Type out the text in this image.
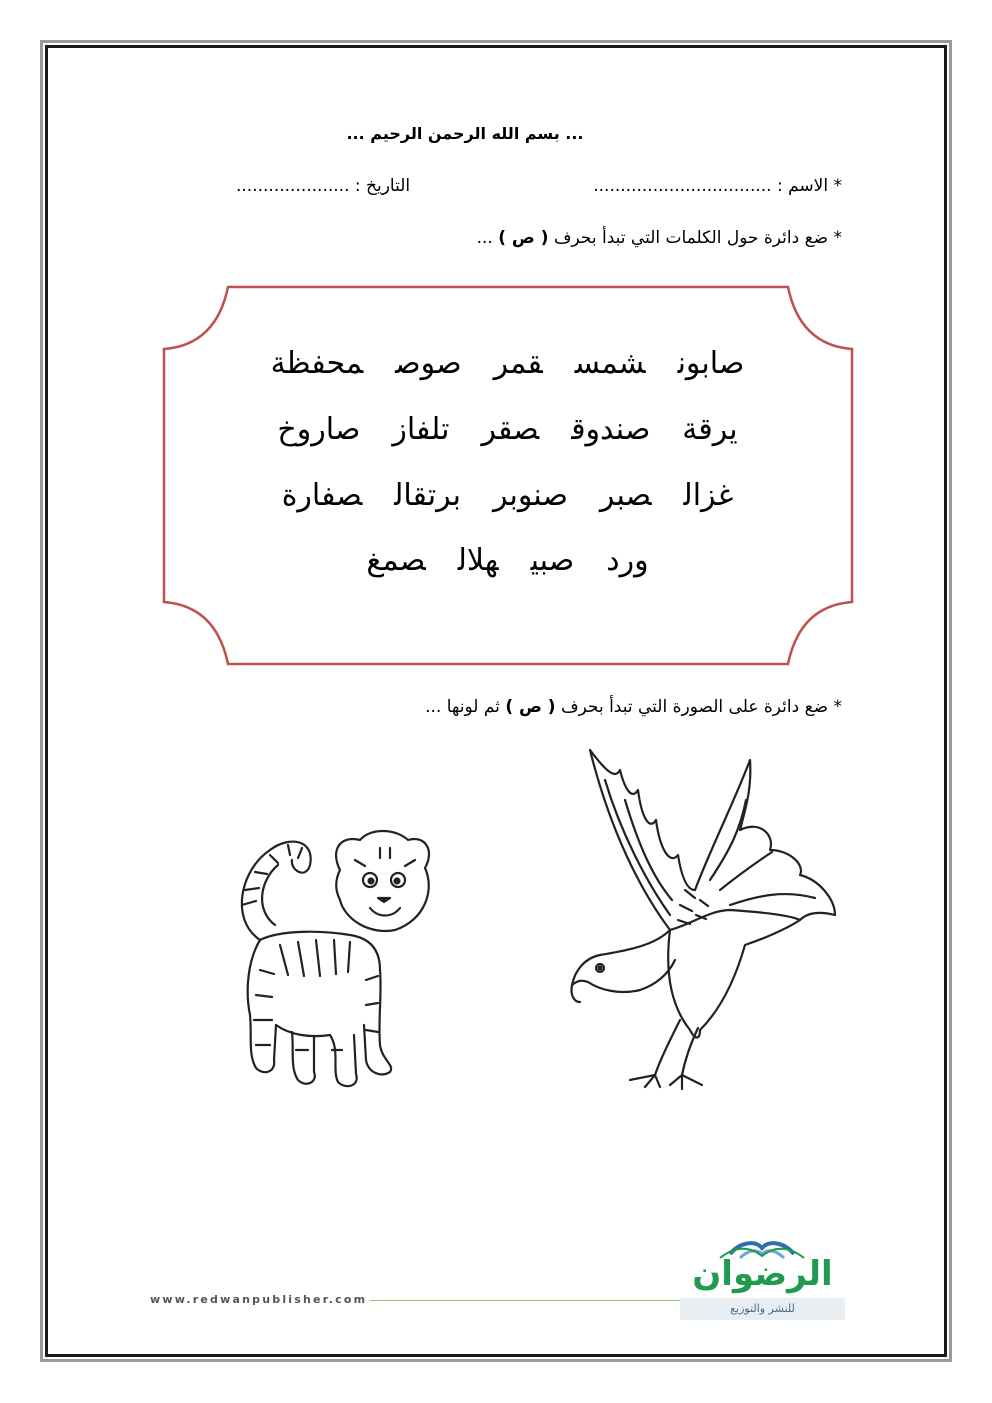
... بسم الله الرحمن الرحيم ...
* الاسم : .................................
التاريخ : .....................
* ضع دائرة حول الكلمات التي تبدأ بحرف ( ص ) ...
صابونشمسقمرصوصمحفظة
يرقةصندوقصقرتلفازصاروخ
غزالصبرصنوبربرتقالصفارة
وردصبيهلالصمغ
* ضع دائرة على الصورة التي تبدأ بحرف ( ص ) ثم لونها ...
www.redwanpublisher.com
الرضوان
للنشر والتوزيع
